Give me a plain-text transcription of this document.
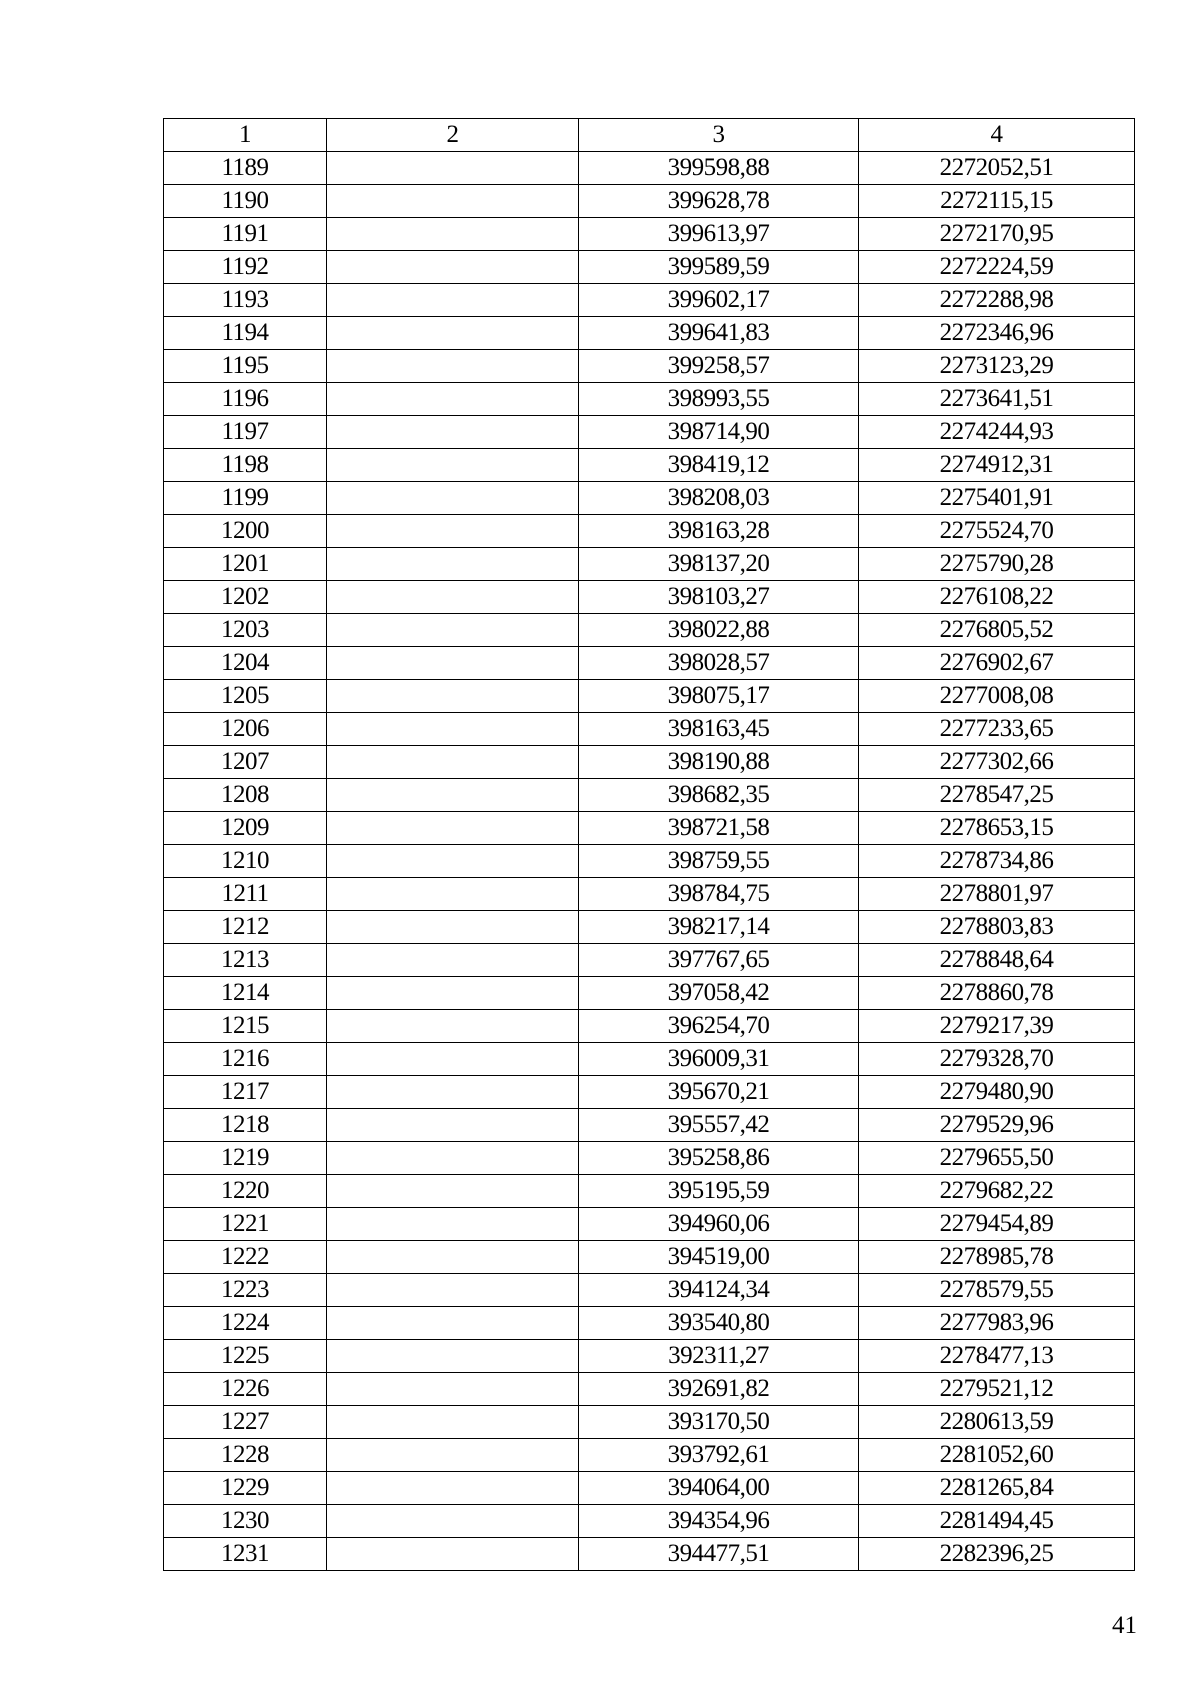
1	2	3	4
1189		399598,88	2272052,51
1190		399628,78	2272115,15
1191		399613,97	2272170,95
1192		399589,59	2272224,59
1193		399602,17	2272288,98
1194		399641,83	2272346,96
1195		399258,57	2273123,29
1196		398993,55	2273641,51
1197		398714,90	2274244,93
1198		398419,12	2274912,31
1199		398208,03	2275401,91
1200		398163,28	2275524,70
1201		398137,20	2275790,28
1202		398103,27	2276108,22
1203		398022,88	2276805,52
1204		398028,57	2276902,67
1205		398075,17	2277008,08
1206		398163,45	2277233,65
1207		398190,88	2277302,66
1208		398682,35	2278547,25
1209		398721,58	2278653,15
1210		398759,55	2278734,86
1211		398784,75	2278801,97
1212		398217,14	2278803,83
1213		397767,65	2278848,64
1214		397058,42	2278860,78
1215		396254,70	2279217,39
1216		396009,31	2279328,70
1217		395670,21	2279480,90
1218		395557,42	2279529,96
1219		395258,86	2279655,50
1220		395195,59	2279682,22
1221		394960,06	2279454,89
1222		394519,00	2278985,78
1223		394124,34	2278579,55
1224		393540,80	2277983,96
1225		392311,27	2278477,13
1226		392691,82	2279521,12
1227		393170,50	2280613,59
1228		393792,61	2281052,60
1229		394064,00	2281265,84
1230		394354,96	2281494,45
1231		394477,51	2282396,25
41
